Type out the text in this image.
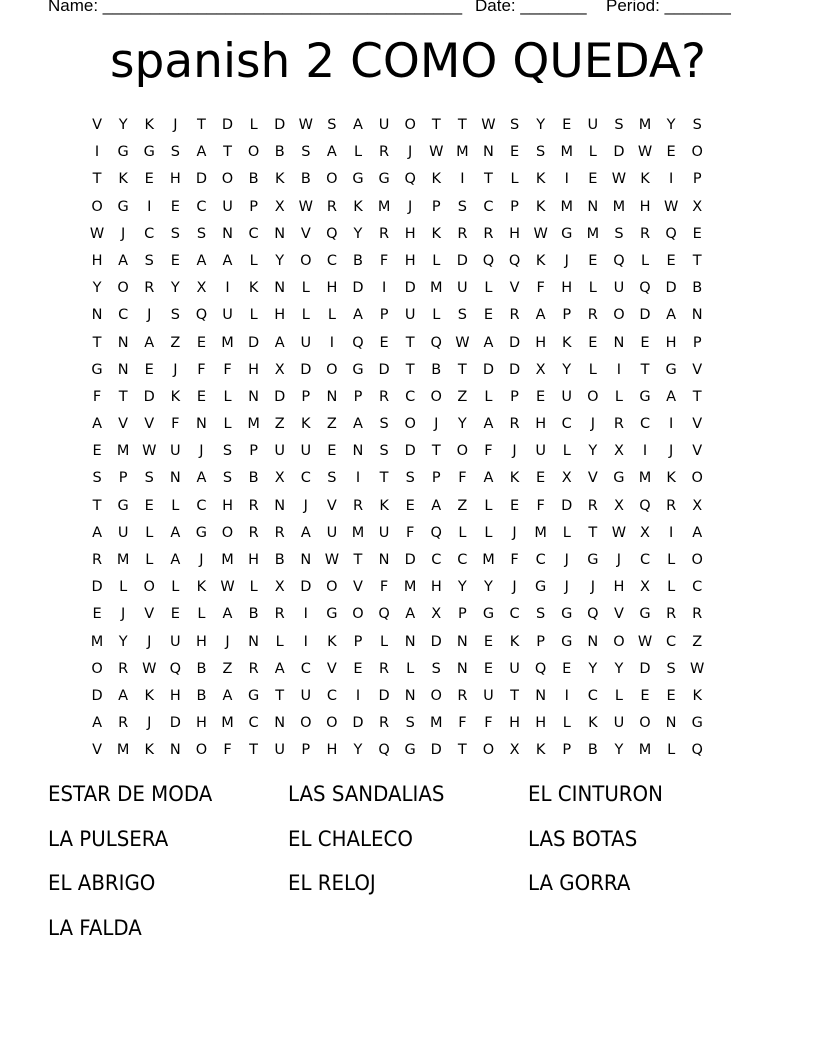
Name: ______________________________________ Date: _______ Period: _______
spanish 2 COMO QUEDA?
V	Y	K	J	T	D	L	D W S	A	U	O	T	T	W S	Y	E	U	S	M	Y	S
I	G	G	S	A	T	O	B	S	A	L	R	J	W M N	E	S	M	L	D W E	O
T	K	E	H	D	O	B	K	B	O	G	G	Q	K	I	T	L	K	I	E W K	I	P
O	G	I	E	C	U	P	X W R	K	M	J	P	S	C	P	K	M N M H W X
W	J	C	S	S	N	C	N	V	Q	Y	R	H	K	R	R	H W G M	S	R	Q	E
H	A	S	E	A	A	L	Y	O	C	B	F	H	L	D	Q	Q	K	J	E	Q	L	E	T
Y	O	R	Y	X	I	K	N	L	H	D	I	D M	U	L	V	F	H	L	U	Q	D	B
N	C	J	S	Q	U	L	H	L	L	A	P	U	L	S	E	R	A	P	R	O	D	A	N
T	N	A	Z	E	M D	A	U	I	Q	E	T	Q W A	D	H	K	E	N	E	H	P
G	N	E	J	F	F	H	X	D	O	G	D	T	B	T	D	D	X	Y	L	I	T	G	V
F	T	D	K	E	L	N	D	P	N	P	R	C	O	Z	L	P	E	U	O	L	G	A	T
A	V	V	F	N	L	M	Z	K	Z	A	S	O	J	Y	A	R	H	C	J	R	C	I	V
E	M W U	J	S	P	U	U	E	N	S	D	T	O	F	J	U	L	Y	X	I	J	V
S	P	S	N	A	S	B	X	C	S	I	T	S	P	F	A	K	E	X	V	G M	K	O
T	G	E	L	C	H	R	N	J	V	R	K	E	A	Z	L	E	F	D	R	X	Q	R	X
A	U	L	A	G	O	R	R	A	U	M	U	F	Q	L	L	J	M	L	T	W X	I	A
R	M	L	A	J	M H	B	N W T	N	D	C	C	M	F	C	J	G	J	C	L	O
D	L	O	L	K W	L	X	D	O	V	F	M H	Y	Y	J	G	J	J	H	X	L	C
E	J	V	E	L	A	B	R	I	G	O	Q	A	X	P	G	C	S	G	Q	V	G	R	R
M	Y	J	U	H	J	N	L	I	K	P	L	N	D	N	E	K	P	G	N	O W C	Z
O	R W Q	B	Z	R	A	C	V	E	R	L	S	N	E	U	Q	E	Y	Y	D	S W
D	A	K	H	B	A	G	T	U	C	I	D	N	O	R	U	T	N	I	C	L	E	E	K
A	R	J	D	H M	C	N	O	O	D	R	S	M	F	F	H	H	L	K	U	O	N	G
V	M	K	N	O	F	T	U	P	H	Y	Q	G	D	T	O	X	K	P	B	Y	M	L	Q
ESTAR DE MODA	LAS SANDALIAS	EL CINTURON
LA PULSERA	EL CHALECO	LAS BOTAS
EL ABRIGO	EL RELOJ	LA GORRA
LA FALDA
